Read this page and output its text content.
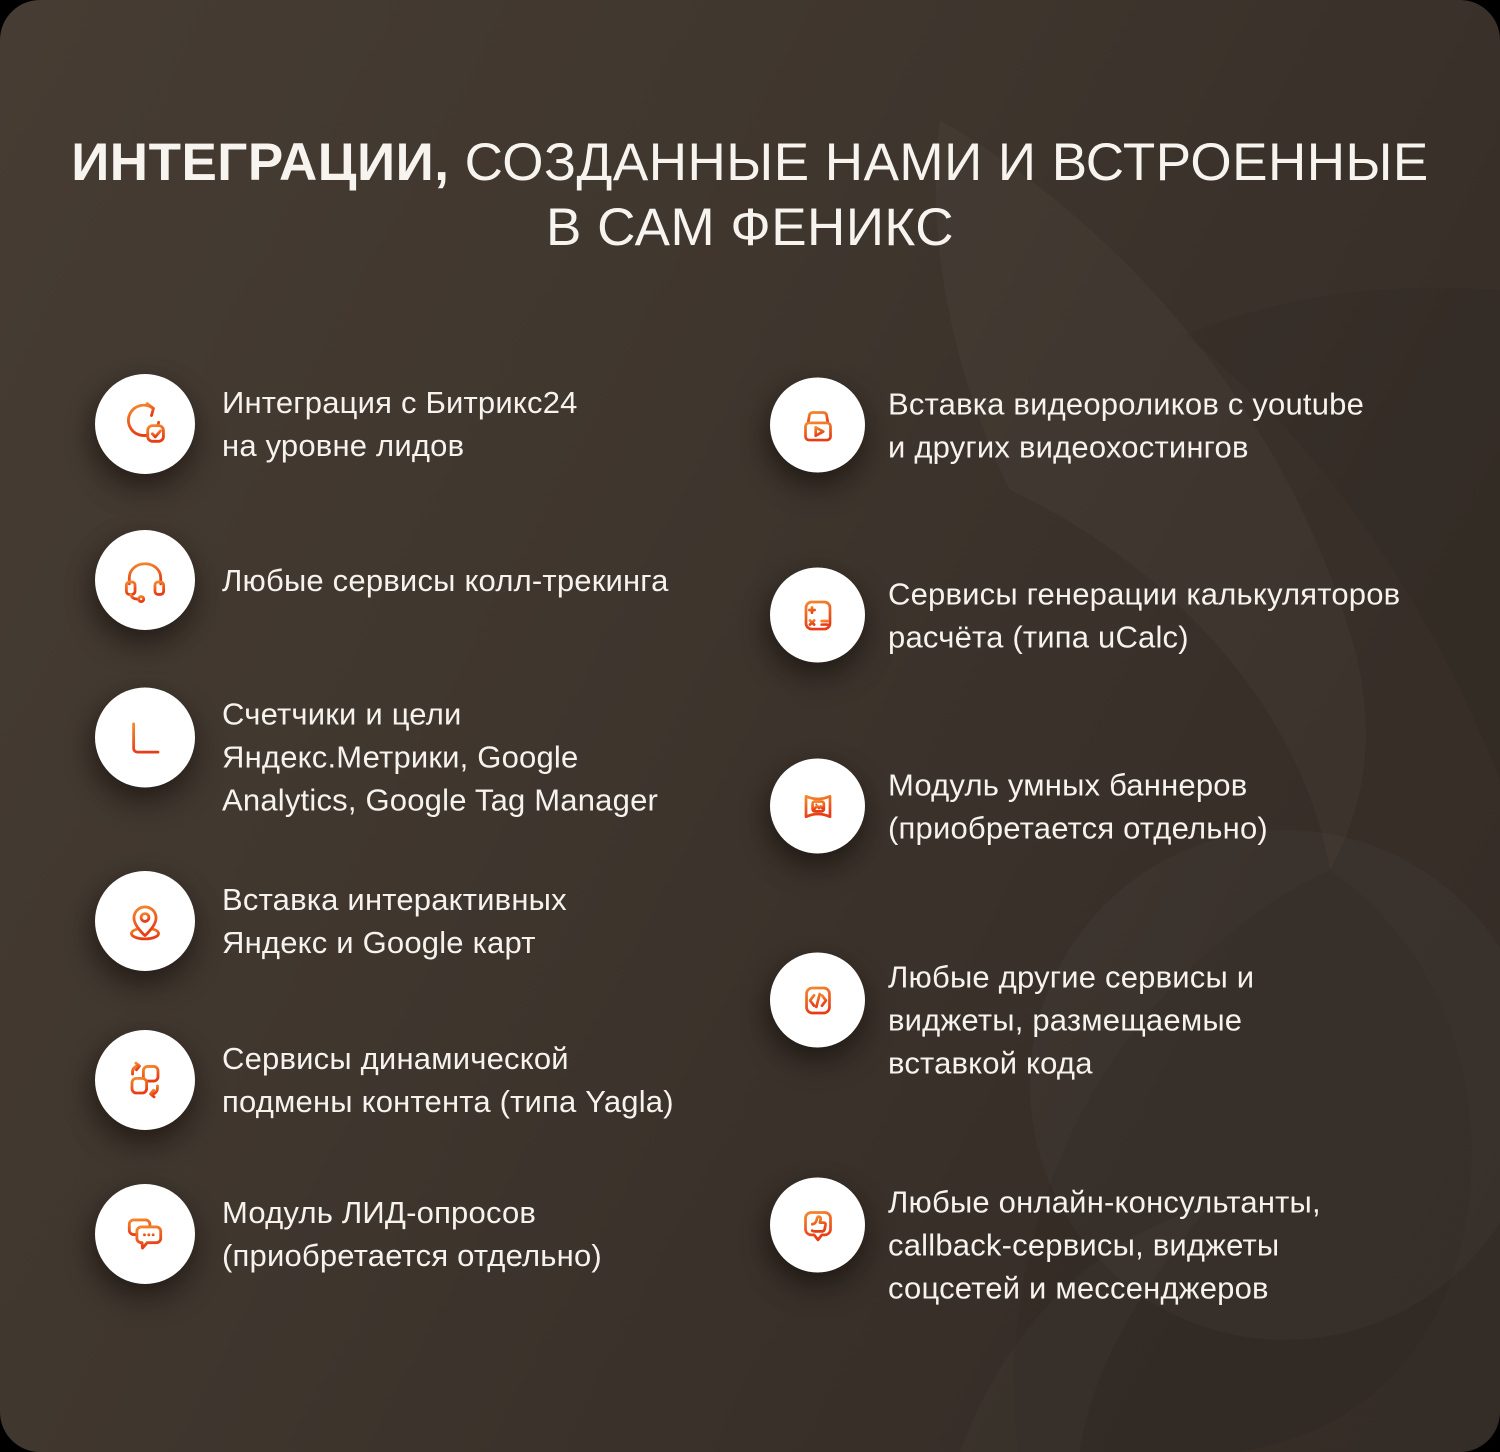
ИНТЕГРАЦИИ, СОЗДАННЫЕ НАМИ И ВСТРОЕННЫЕ
В САМ ФЕНИКС
Интеграция с Битрикс24
на уровне лидов
Любые сервисы колл-трекинга
Счетчики и цели
Яндекс.Метрики, Google
Analytics, Google Tag Manager
Вставка интерактивных
Яндекс и Google карт
Сервисы динамической
подмены контента (типа Yagla)
Модуль ЛИД-опросов
(приобретается отдельно)
Вставка видеороликов с youtube
и других видеохостингов
Сервисы генерации калькуляторов
расчёта (типа uCalc)
Модуль умных баннеров
(приобретается отдельно)
Любые другие сервисы и
виджеты, размещаемые
вставкой кода
Любые онлайн-консультанты,
callback-сервисы, виджеты
соцсетей и мессенджеров
